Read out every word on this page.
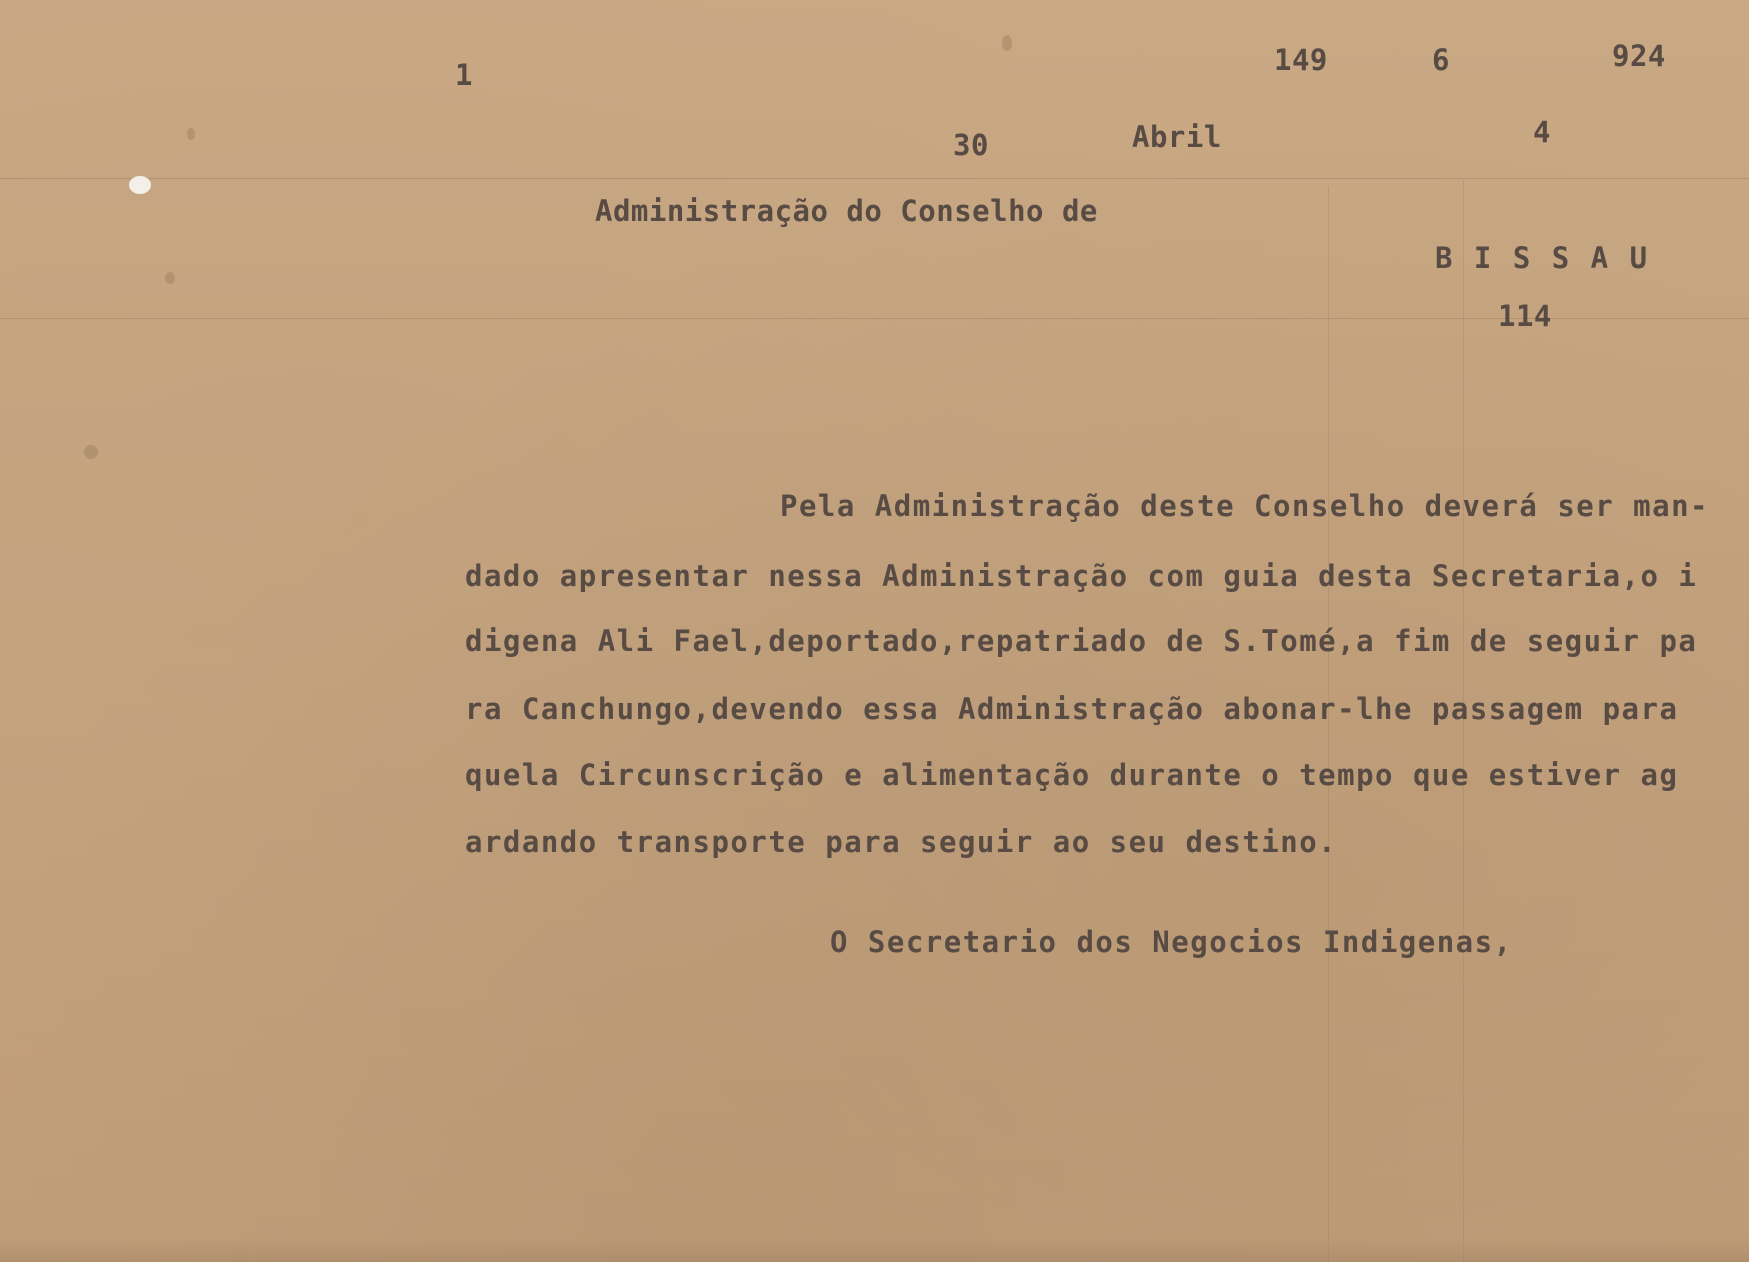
1	149	6	924
30	Abril	4
Administração do Conselho de
B I S S A U
114
Pela Administração deste Conselho deverá ser man-
dado apresentar nessa Administração com guia desta Secretaria,o i
digena Ali Fael,deportado,repatriado de S.Tomé,a fim de seguir pa
ra Canchungo,devendo essa Administração abonar-lhe passagem para
quela Circunscrição e alimentação durante o tempo que estiver ag
ardando transporte para seguir ao seu destino.
O Secretario dos Negocios Indigenas,
